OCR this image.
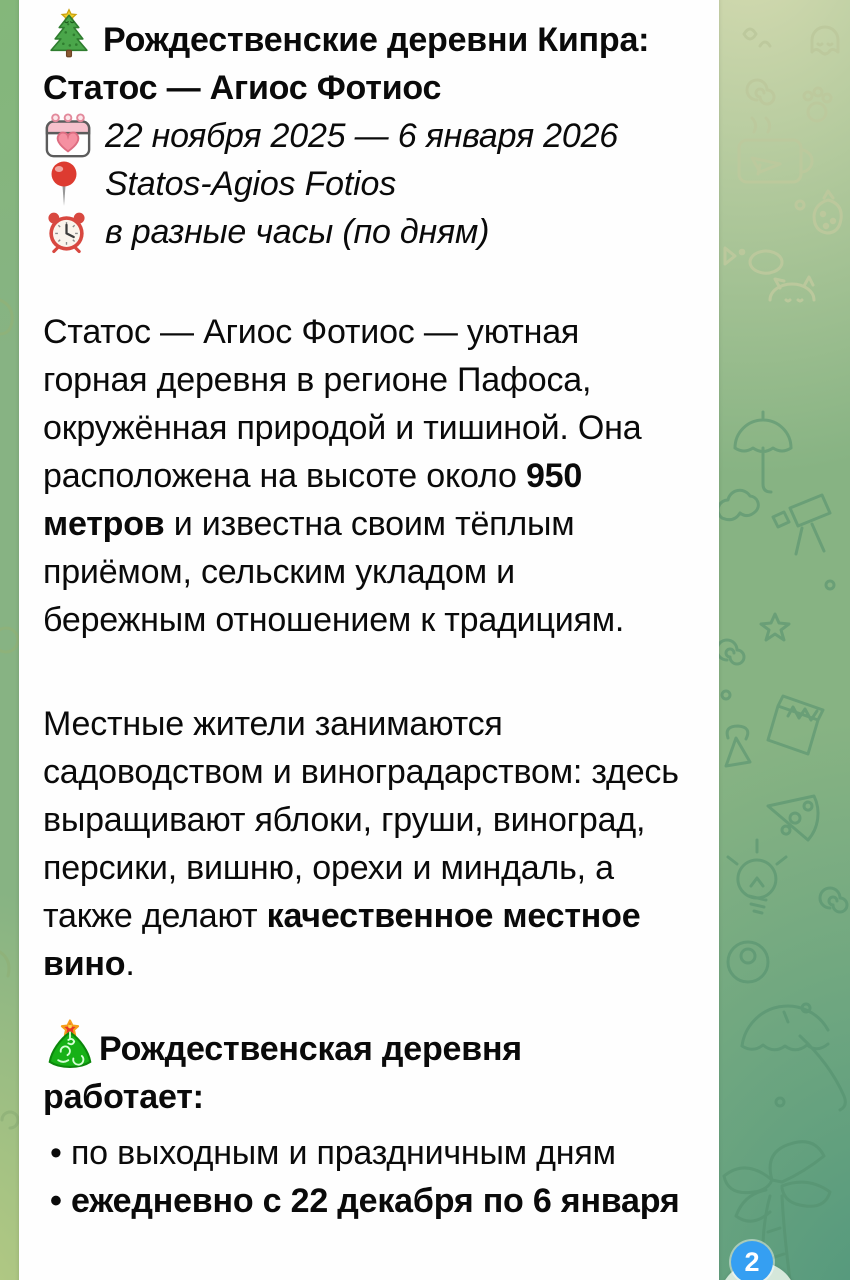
Рождественские деревни Кипра: Статос — Агиос Фотиос

22 ноября 2025 — 6 января 2026
Statos-Agios Fotios
в разные часы (по дням)

Статос — Агиос Фотиос — уютная горная деревня в регионе Пафоса, окружённая природой и тишиной. Она расположена на высоте около 950 метров и известна своим тёплым приёмом, сельским укладом и бережным отношением к традициям.

Местные жители занимаются садоводством и виноградарством: здесь выращивают яблоки, груши, виноград, персики, вишню, орехи и миндаль, а также делают качественное местное вино.

Рождественская деревня работает:

• по выходным и праздничным дням

• ежедневно с 22 декабря по 6 января

2
